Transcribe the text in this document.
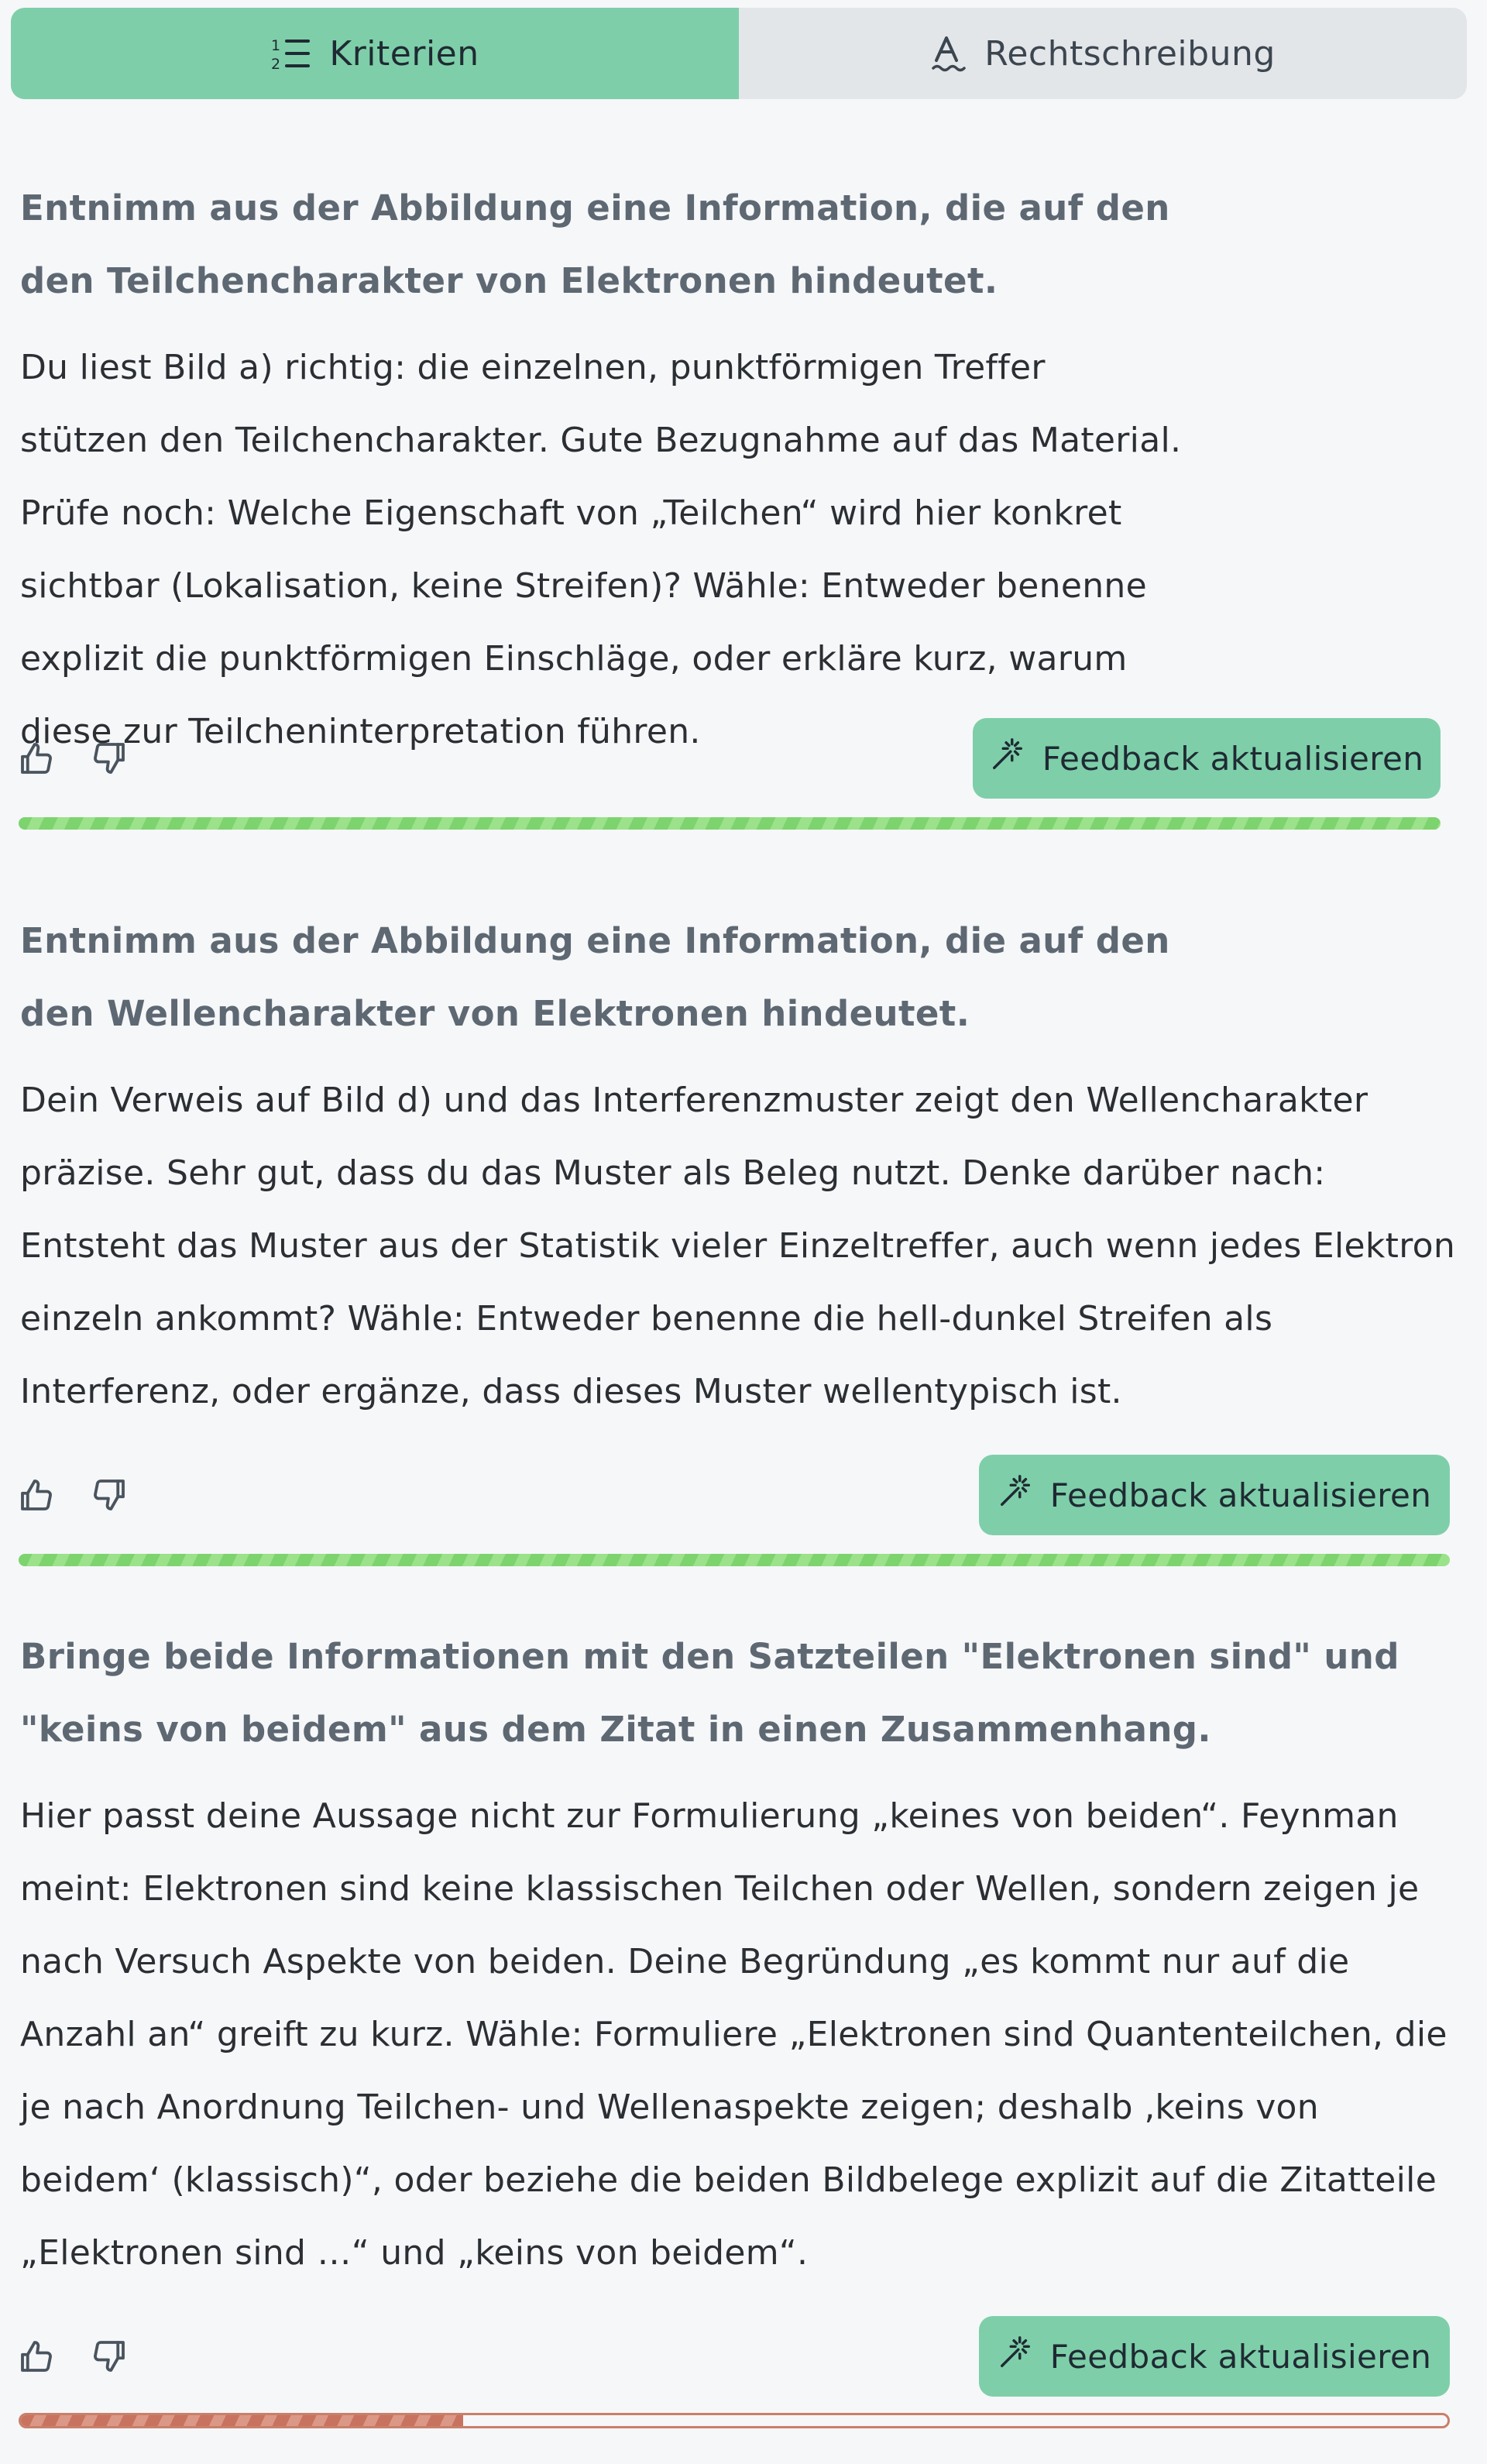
1
2 Kriterien	Rechtschreibung
Entnimm aus der Abbildung eine Information, die auf den den Teilchencharakter von Elektronen hindeutet.

Du liest Bild a) richtig: die einzelnen, punktförmigen Treffer stützen den Teilchencharakter. Gute Bezugnahme auf das Material. Prüfe noch: Welche Eigenschaft von „Teilchen“ wird hier konkret sichtbar (Lokalisation, keine Streifen)? Wähle: Entweder benenne explizit die punktförmigen Einschläge, oder erkläre kurz, warum diese zur Teilcheninterpretation führen.

Feedback aktualisieren
Entnimm aus der Abbildung eine Information, die auf den den Wellencharakter von Elektronen hindeutet.

Dein Verweis auf Bild d) und das Interferenzmuster zeigt den Wellencharakter präzise. Sehr gut, dass du das Muster als Beleg nutzt. Denke darüber nach: Entsteht das Muster aus der Statistik vieler Einzeltreffer, auch wenn jedes Elektron einzeln ankommt? Wähle: Entweder benenne die hell-dunkel Streifen als Interferenz, oder ergänze, dass dieses Muster wellentypisch ist.

Feedback aktualisieren
Bringe beide Informationen mit den Satzteilen "Elektronen sind" und "keins von beidem" aus dem Zitat in einen Zusammenhang.

Hier passt deine Aussage nicht zur Formulierung „keines von beiden“. Feynman meint: Elektronen sind keine klassischen Teilchen oder Wellen, sondern zeigen je nach Versuch Aspekte von beiden. Deine Begründung „es kommt nur auf die Anzahl an“ greift zu kurz. Wähle: Formuliere „Elektronen sind Quantenteilchen, die je nach Anordnung Teilchen- und Wellenaspekte zeigen; deshalb ‚keins von beidem‘ (klassisch)“, oder beziehe die beiden Bildbelege explizit auf die Zitatteile „Elektronen sind …“ und „keins von beidem“.

Feedback aktualisieren
